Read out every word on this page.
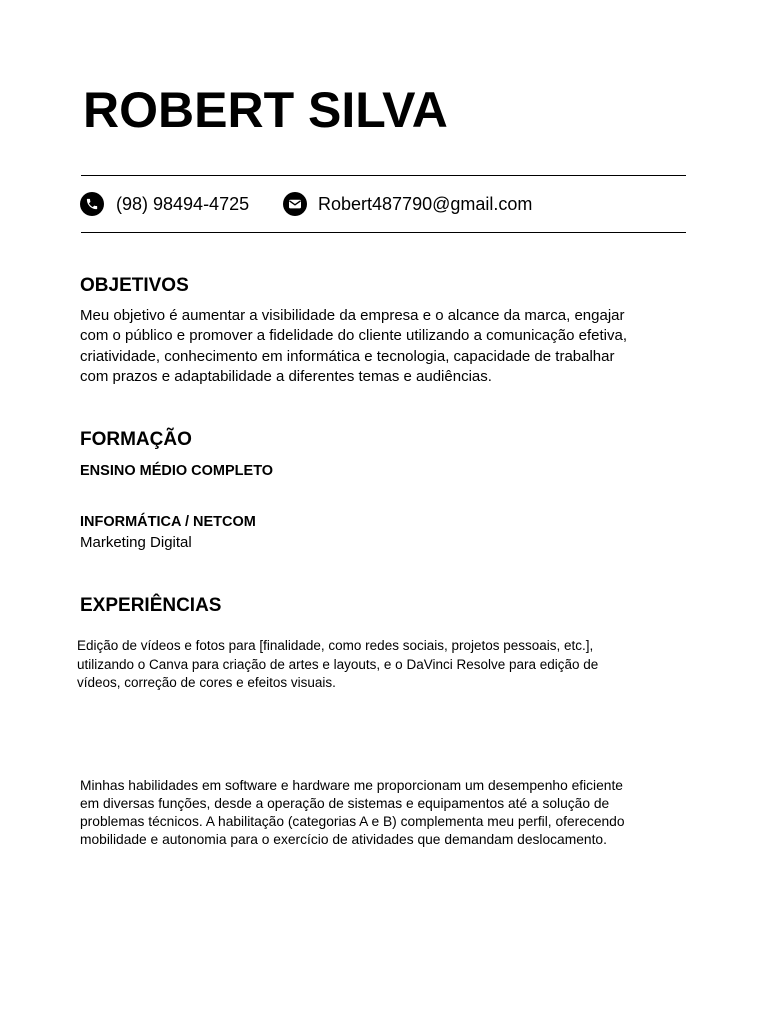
ROBERT SILVA
(98) 98494-4725	Robert487790@gmail.com
OBJETIVOS
Meu objetivo é aumentar a visibilidade da empresa e o alcance da marca, engajar
com o público e promover a fidelidade do cliente utilizando a comunicação efetiva,
criatividade, conhecimento em informática e tecnologia, capacidade de trabalhar
com prazos e adaptabilidade a diferentes temas e audiências.
FORMAÇÃO
ENSINO MÉDIO COMPLETO
INFORMÁTICA / NETCOM
Marketing Digital
EXPERIÊNCIAS
Edição de vídeos e fotos para [finalidade, como redes sociais, projetos pessoais, etc.],
utilizando o Canva para criação de artes e layouts, e o DaVinci Resolve para edição de
vídeos, correção de cores e efeitos visuais.
Minhas habilidades em software e hardware me proporcionam um desempenho eficiente
em diversas funções, desde a operação de sistemas e equipamentos até a solução de
problemas técnicos. A habilitação (categorias A e B) complementa meu perfil, oferecendo
mobilidade e autonomia para o exercício de atividades que demandam deslocamento.
